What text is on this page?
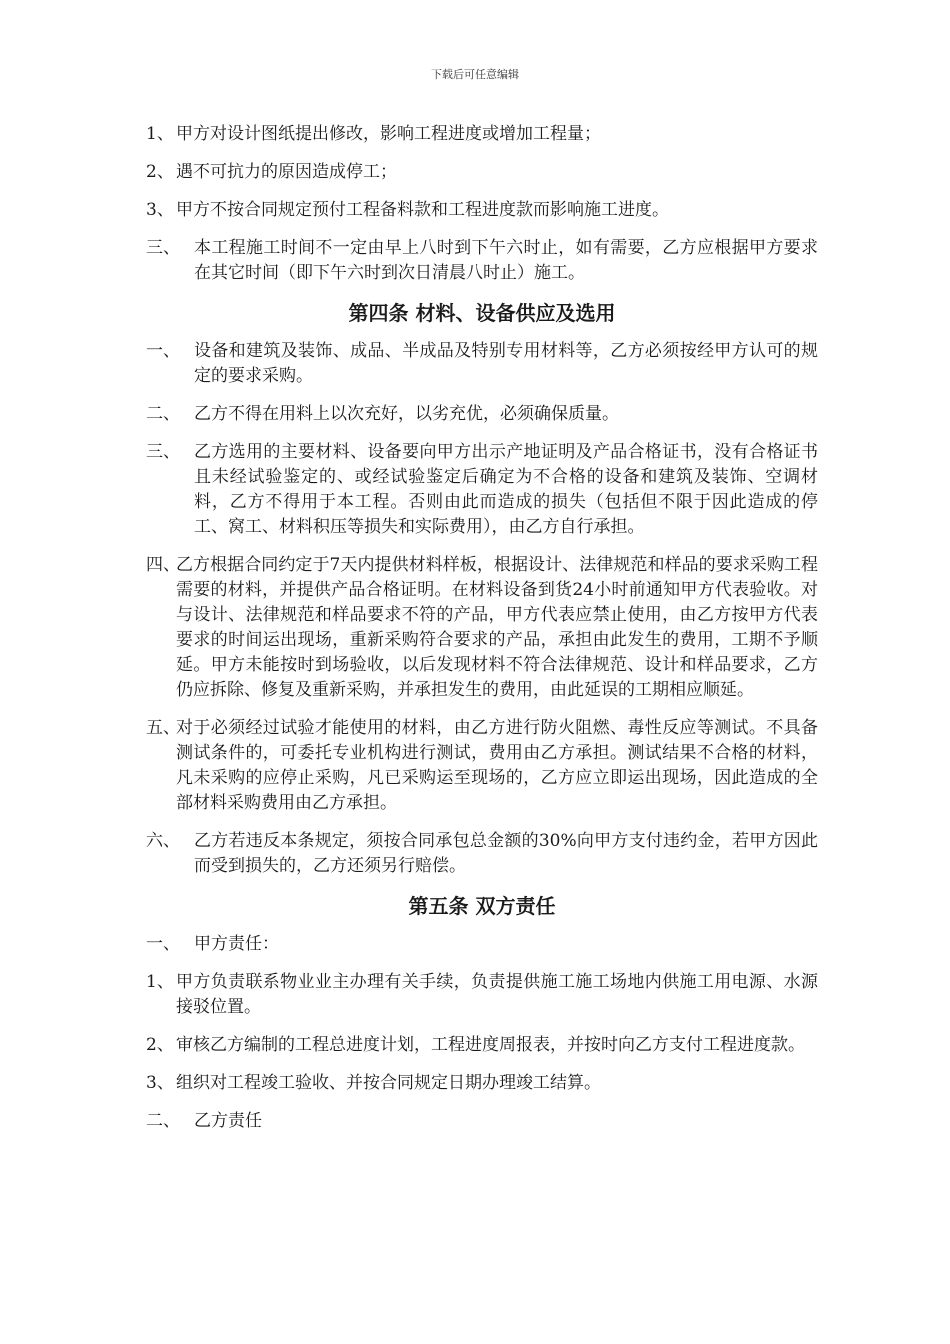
下载后可任意编辑
1、 甲方对设计图纸提出修改，影响工程进度或增加工程量；
2、 遇不可抗力的原因造成停工；
3、 甲方不按合同规定预付工程备料款和工程进度款而影响施工进度。
三、 本工程施工时间不一定由早上八时到下午六时止，如有需要，乙方应根据甲方要求在其它时间（即下午六时到次日清晨八时止）施工。
第四条 材料、设备供应及选用
一、 设备和建筑及装饰、成品、半成品及特别专用材料等，乙方必须按经甲方认可的规定的要求采购。
二、 乙方不得在用料上以次充好，以劣充优，必须确保质量。
三、 乙方选用的主要材料、设备要向甲方出示产地证明及产品合格证书，没有合格证书且未经试验鉴定的、或经试验鉴定后确定为不合格的设备和建筑及装饰、空调材料，乙方不得用于本工程。否则由此而造成的损失（包括但不限于因此造成的停工、窝工、材料积压等损失和实际费用），由乙方自行承担。
四、
乙方根据合同约定于7天内提供材料样板，根据设计、法律规范和样品的要求采购工程需要的材料，并提供产品合格证明。在材料设备到货24小时前通知甲方代表验收。对与设计、法律规范和样品要求不符的产品，甲方代表应禁止使用，由乙方按甲方代表要求的时间运出现场，重新采购符合要求的产品，承担由此发生的费用，工期不予顺延。甲方未能按时到场验收，以后发现材料不符合法律规范、设计和样品要求，乙方仍应拆除、修复及重新采购，并承担发生的费用，由此延误的工期相应顺延。
五、
对于必须经过试验才能使用的材料，由乙方进行防火阻燃、毒性反应等测试。不具备测试条件的，可委托专业机构进行测试，费用由乙方承担。测试结果不合格的材料，凡未采购的应停止采购，凡已采购运至现场的，乙方应立即运出现场，因此造成的全部材料采购费用由乙方承担。
六、 乙方若违反本条规定，须按合同承包总金额的30%向甲方支付违约金，若甲方因此而受到损失的，乙方还须另行赔偿。
第五条 双方责任
一、 甲方责任：
1、 甲方负责联系物业业主办理有关手续，负责提供施工施工场地内供施工用电源、水源接驳位置。
2、 审核乙方编制的工程总进度计划，工程进度周报表，并按时向乙方支付工程进度款。
3、 组织对工程竣工验收、并按合同规定日期办理竣工结算。
二、 乙方责任
